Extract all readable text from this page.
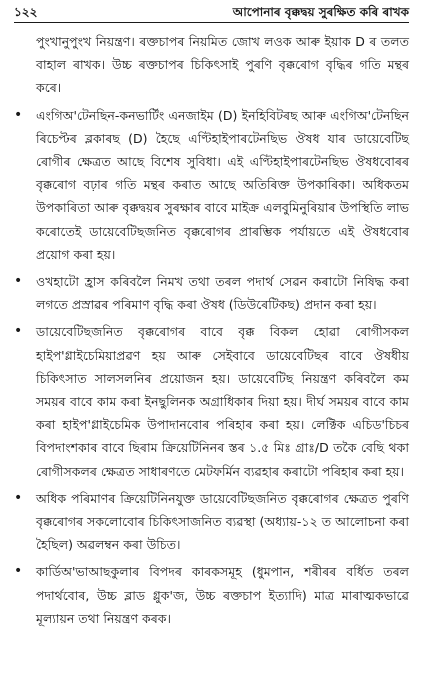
১২২	আপোনাৰ বৃক্কদ্বয় সুৰক্ষিত কৰি ৰাখক

পুংখানুপুংখ নিয়ন্ত্ৰণ। ৰক্তচাপৰ নিয়মিত জোখ লওক আৰু ইয়াক D ৰ তলত বাহাল ৰাখক। উচ্চ ৰক্তচাপৰ চিকিৎসাই পুৰণি বৃক্কৰোগ বৃদ্ধিৰ গতি মন্থৰ কৰে।

• এংগিঅ'টেনছিন-কনভাৰ্টিং এনজাইম (D) ইনহিবিটৰছ আৰু এংগিঅ'টেনছিন ৰিচেপ্টৰ ব্লকাৰছ (D) হৈছে এণ্টিহাইপাৰটেনছিভ ঔষধ যাৰ ডায়েবেটিছ ৰোগীৰ ক্ষেত্ৰত আছে বিশেষ সুবিধা। এই এণ্টিহাইপাৰটেনছিভ ঔষধবোৰৰ বৃক্কৰোগ বঢ়াৰ গতি মন্থৰ কৰাত আছে অতিৰিক্ত উপকাৰিকা। অধিকতম উপকাৰিতা আৰু বৃক্কদ্বয়ৰ সুৰক্ষাৰ বাবে মাইক্ৰ এলবুমিনুৰিয়াৰ উপস্থিতি লাভ কৰোতেই ডায়েবেটিছজনিত বৃক্কৰোগৰ প্ৰাৰম্ভিক পৰ্যায়তে এই ঔষধবোৰ প্ৰয়োগ কৰা হয়।
• ওখহাটো হ্ৰাস কৰিবলৈ নিমখ তথা তৰল পদাৰ্থ সেৱন কৰাটো নিষিদ্ধ কৰা লগতে প্ৰস্ৰাৱৰ পৰিমাণ বৃদ্ধি কৰা ঔষধ (ডিউৰেটিকছ) প্ৰদান কৰা হয়।
• ডায়েবেটিছজনিত বৃক্কৰোগৰ বাবে বৃক্ক বিকল হোৱা ৰোগীসকল হাইপ'গ্লাইচেমিয়াপ্ৰৱণ হয় আৰু সেইবাবে ডায়েবেটিছৰ বাবে ঔষধীয় চিকিৎসাত সালসলনিৰ প্ৰয়োজন হয়। ডায়েবেটিছ নিয়ন্ত্ৰণ কৰিবলৈ কম সময়ৰ বাবে কাম কৰা ইনছুলিনক অগ্ৰাধিকাৰ দিয়া হয়। দীৰ্ঘ সময়ৰ বাবে কাম কৰা হাইপ'গ্লাইচেমিক উপাদানবোৰ পৰিহাৰ কৰা হয়। লেক্টিক এচিড'চিচৰ বিপদাংশকাৰ বাবে ছিৰাম ক্ৰিয়েটিনিনৰ স্তৰ ১.৫ মিঃ গ্ৰাঃ/D তকৈ বেছি থকা ৰোগীসকলৰ ক্ষেত্ৰত সাধাৰণতে মেটফৰ্মিন ব্যৱহাৰ কৰাটো পৰিহাৰ কৰা হয়।
• অধিক পৰিমাণৰ ক্ৰিয়েটিনিনযুক্ত ডায়েবেটিছজনিত বৃক্কৰোগৰ ক্ষেত্ৰত পুৰণি বৃক্কৰোগৰ সকলোবোৰ চিকিৎসাজনিত ব্যৱস্থা (অধ্যায়-১২ ত আলোচনা কৰা হৈছিল) অৱলম্বন কৰা উচিত।
• কাৰ্ডিঅ'ভাআছকুলাৰ বিপদৰ কাৰকসমূহ (ধুমপান, শৰীৰৰ বৰ্ধিত তৰল পদাৰ্থবোৰ, উচ্চ ব্লাড গ্লুক'জ, উচ্চ ৰক্তচাপ ইত্যাদি) মাত্ৰ মাৰাত্মকভাৱে মূল্যায়ন তথা নিয়ন্ত্ৰণ কৰক।
